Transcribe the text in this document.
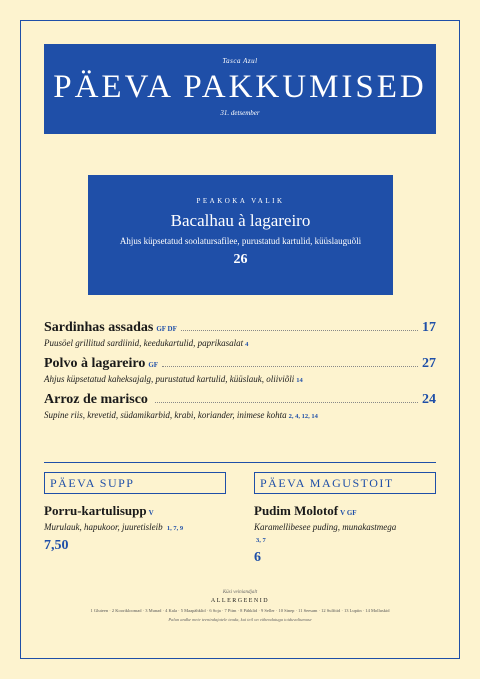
Tasca Azul
PÄEVA PAKKUMISED
31. detsember
PEAKOKA VALIK
Bacalhau à lagareiro
Ahjus küpsetatud soolatursafilee, purustatud kartulid, küüslauguõli
26
Sardinhas assadas GF DF	17
Puusöel grillitud sardiinid, keedukartulid, paprikasalat 4
Polvo à lagareiro GF	27
Ahjus küpsetatud kaheksajalg, purustatud kartulid, küüslauk, oliiviõli 14
Arroz de marisco	24
Supine riis, krevetid, südamikarbid, krabi, koriander, inimese kohta 2, 4, 12, 14
PÄEVA SUPP
Porru-kartulisupp V
Murulauk, hapukoor, juuretisleib 1, 7, 9
7,50
PÄEVA MAGUSTOIT
Pudim Molotof V GF
Karamellibesee puding, munakastmega
3, 7
6
Küsi veiniandjalt
ALLERGEENID
1 Gluteen · 2 Koorikloomad · 3 Munad · 4 Kala · 5 Maapähklid · 6 Soja · 7 Piim · 8 Pähklid · 9 Seller · 10 Sinep · 11 Seesam · 12 Sulfitid · 13 Lupiin · 14 Molluskid
Palun andke meie teenindajatele teada, kui teil on vähendatuga toiduvaliumuse
